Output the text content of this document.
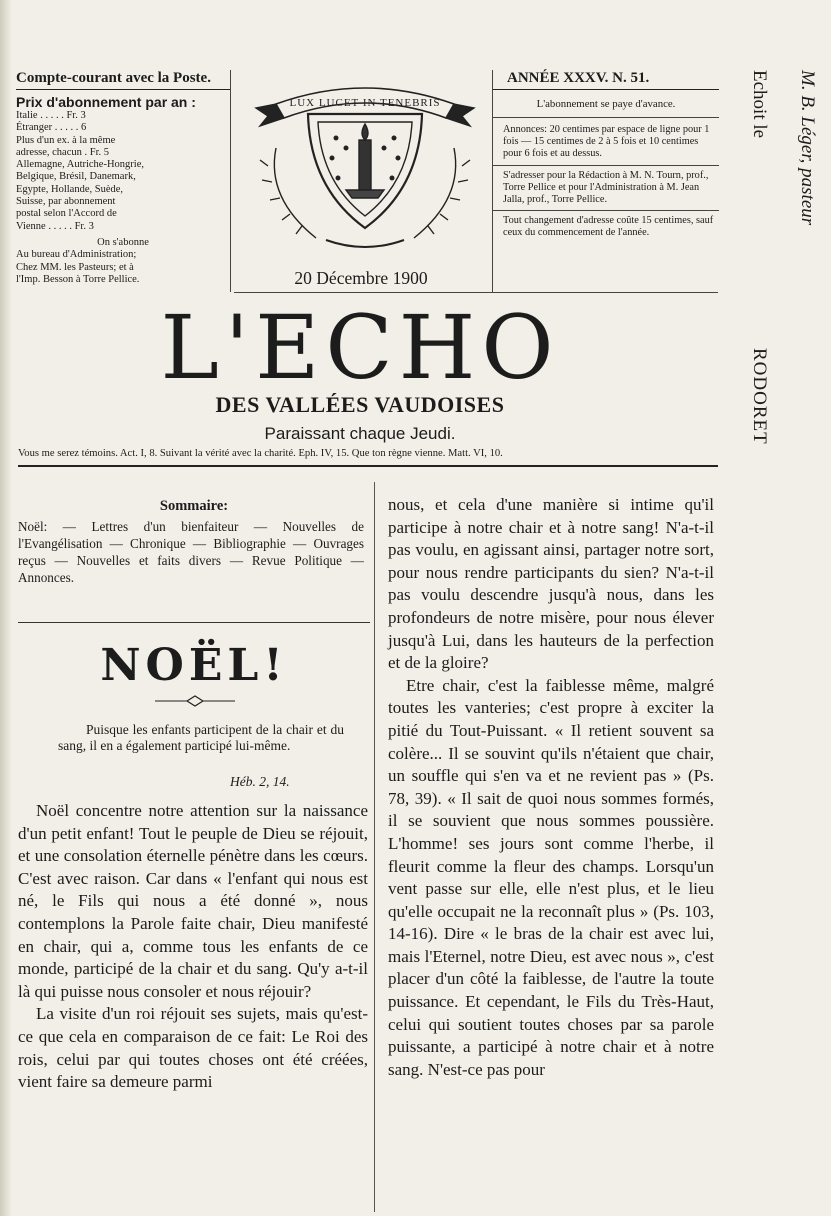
Compte-courant avec la Poste.
Prix d'abonnement par an :
Italie . . . . . Fr. 3
Étranger . . . . . 6
Plus d'un ex. à la même
adresse, chacun . Fr. 5
Allemagne, Autriche-Hongrie,
Belgique, Brésil, Danemark,
Egypte, Hollande, Suède,
Suisse, par abonnement
postal selon l'Accord de
Vienne . . . . . Fr. 3
On s'abonne
Au bureau d'Administration;
Chez MM. les Pasteurs; et à
l'Imp. Besson à Torre Pellice.
LUX LUCET IN TENEBRIS
ANNÉE XXXV. N. 51.
L'abonnement se paye d'avance.
Annonces: 20 centimes par espace de ligne pour 1 fois — 15 centimes de 2 à 5 fois et 10 centimes pour 6 fois et au dessus.
S'adresser pour la Rédaction à M. N. Tourn, prof., Torre Pellice et pour l'Administration à M. Jean Jalla, prof., Torre Pellice.
Tout changement d'adresse coûte 15 centimes, sauf ceux du commencement de l'année.
20 Décembre 1900
L'ECHO
DES VALLÉES VAUDOISES
Paraissant chaque Jeudi.
Vous me serez témoins. Act. I, 8. Suivant la vérité avec la charité. Eph. IV, 15. Que ton règne vienne. Matt. VI, 10.
M. B. Léger, pasteur
Echoit le
RODORET
Sommaire:
Noël: — Lettres d'un bienfaiteur — Nouvelles de l'Evangélisation — Chronique — Bibliographie — Ouvrages reçus — Nouvelles et faits divers — Revue Politique — Annonces.
NOËL!
Puisque les enfants participent de la chair et du sang, il en a également participé lui-même.
Héb. 2, 14.

Noël concentre notre attention sur la naissance d'un petit enfant! Tout le peuple de Dieu se réjouit, et une consolation éternelle pénètre dans les cœurs. C'est avec raison. Car dans « l'enfant qui nous est né, le Fils qui nous a été donné », nous contemplons la Parole faite chair, Dieu manifesté en chair, qui a, comme tous les enfants de ce monde, participé de la chair et du sang. Qu'y a-t-il là qui puisse nous consoler et nous réjouir?

La visite d'un roi réjouit ses sujets, mais qu'est-ce que cela en comparaison de ce fait: Le Roi des rois, celui par qui toutes choses ont été créées, vient faire sa demeure parmi

nous, et cela d'une manière si intime qu'il participe à notre chair et à notre sang! N'a-t-il pas voulu, en agissant ainsi, partager notre sort, pour nous rendre participants du sien? N'a-t-il pas voulu descendre jusqu'à nous, dans les profondeurs de notre misère, pour nous élever jusqu'à Lui, dans les hauteurs de la perfection et de la gloire?

Etre chair, c'est la faiblesse même, malgré toutes les vanteries; c'est propre à exciter la pitié du Tout-Puissant. « Il retient souvent sa colère... Il se souvint qu'ils n'étaient que chair, un souffle qui s'en va et ne revient pas » (Ps. 78, 39). « Il sait de quoi nous sommes formés, il se souvient que nous sommes poussière. L'homme! ses jours sont comme l'herbe, il fleurit comme la fleur des champs. Lorsqu'un vent passe sur elle, elle n'est plus, et le lieu qu'elle occupait ne la reconnaît plus » (Ps. 103, 14-16). Dire « le bras de la chair est avec lui, mais l'Eternel, notre Dieu, est avec nous », c'est placer d'un côté la faiblesse, de l'autre la toute puissance. Et cependant, le Fils du Très-Haut, celui qui soutient toutes choses par sa parole puissante, a participé à notre chair et à notre sang. N'est-ce pas pour
